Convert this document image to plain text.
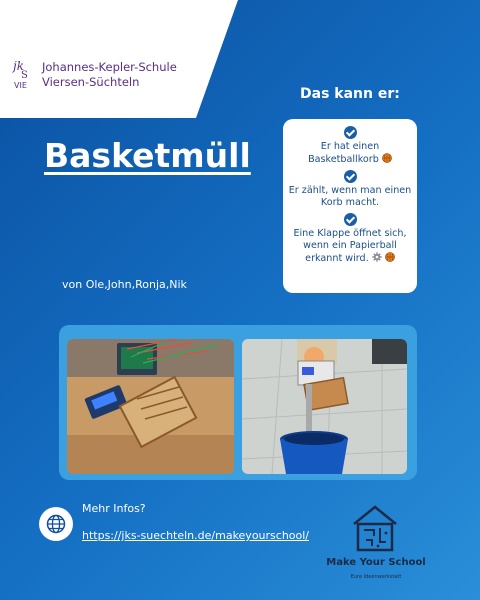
jk
S
VIE
Johannes-Kepler-Schule
Viersen-Süchteln
Basketmüll
von Ole,John,Ronja,Nik
Das kann er:
Er hat einen Basketballkorb
Er zählt, wenn man einen Korb macht.
Eine Klappe öffnet sich, wenn ein Papierball erkannt wird.
Mehr Infos?
https://jks-suechteln.de/makeyourschool/
Make Your School
Eure Ideenwerkstatt
